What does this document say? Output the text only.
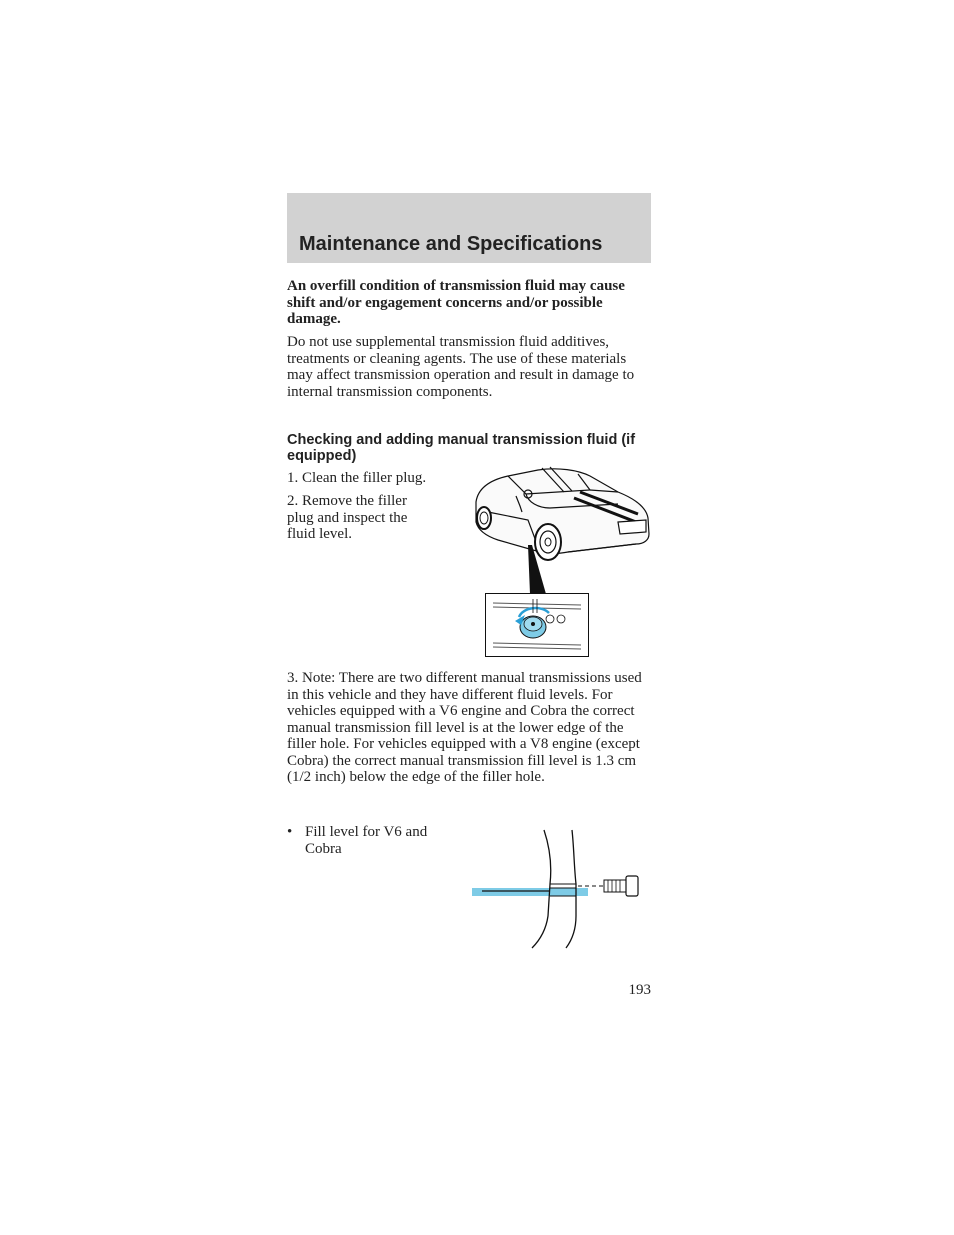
Maintenance and Specifications
An overfill condition of transmission fluid may cause shift and/or engagement concerns and/or possible damage.
Do not use supplemental transmission fluid additives, treatments or cleaning agents. The use of these materials may affect transmission operation and result in damage to internal transmission components.
Checking and adding manual transmission fluid (if equipped)
1. Clean the filler plug.
2. Remove the filler plug and inspect the fluid level.
3. Note: There are two different manual transmissions used in this vehicle and they have different fluid levels. For vehicles equipped with a V6 engine and Cobra the correct manual transmission fill level is at the lower edge of the filler hole. For vehicles equipped with a V8 engine (except Cobra) the correct manual transmission fill level is 1.3 cm (1/2 inch) below the edge of the filler hole.
• Fill level for V6 and Cobra
193
